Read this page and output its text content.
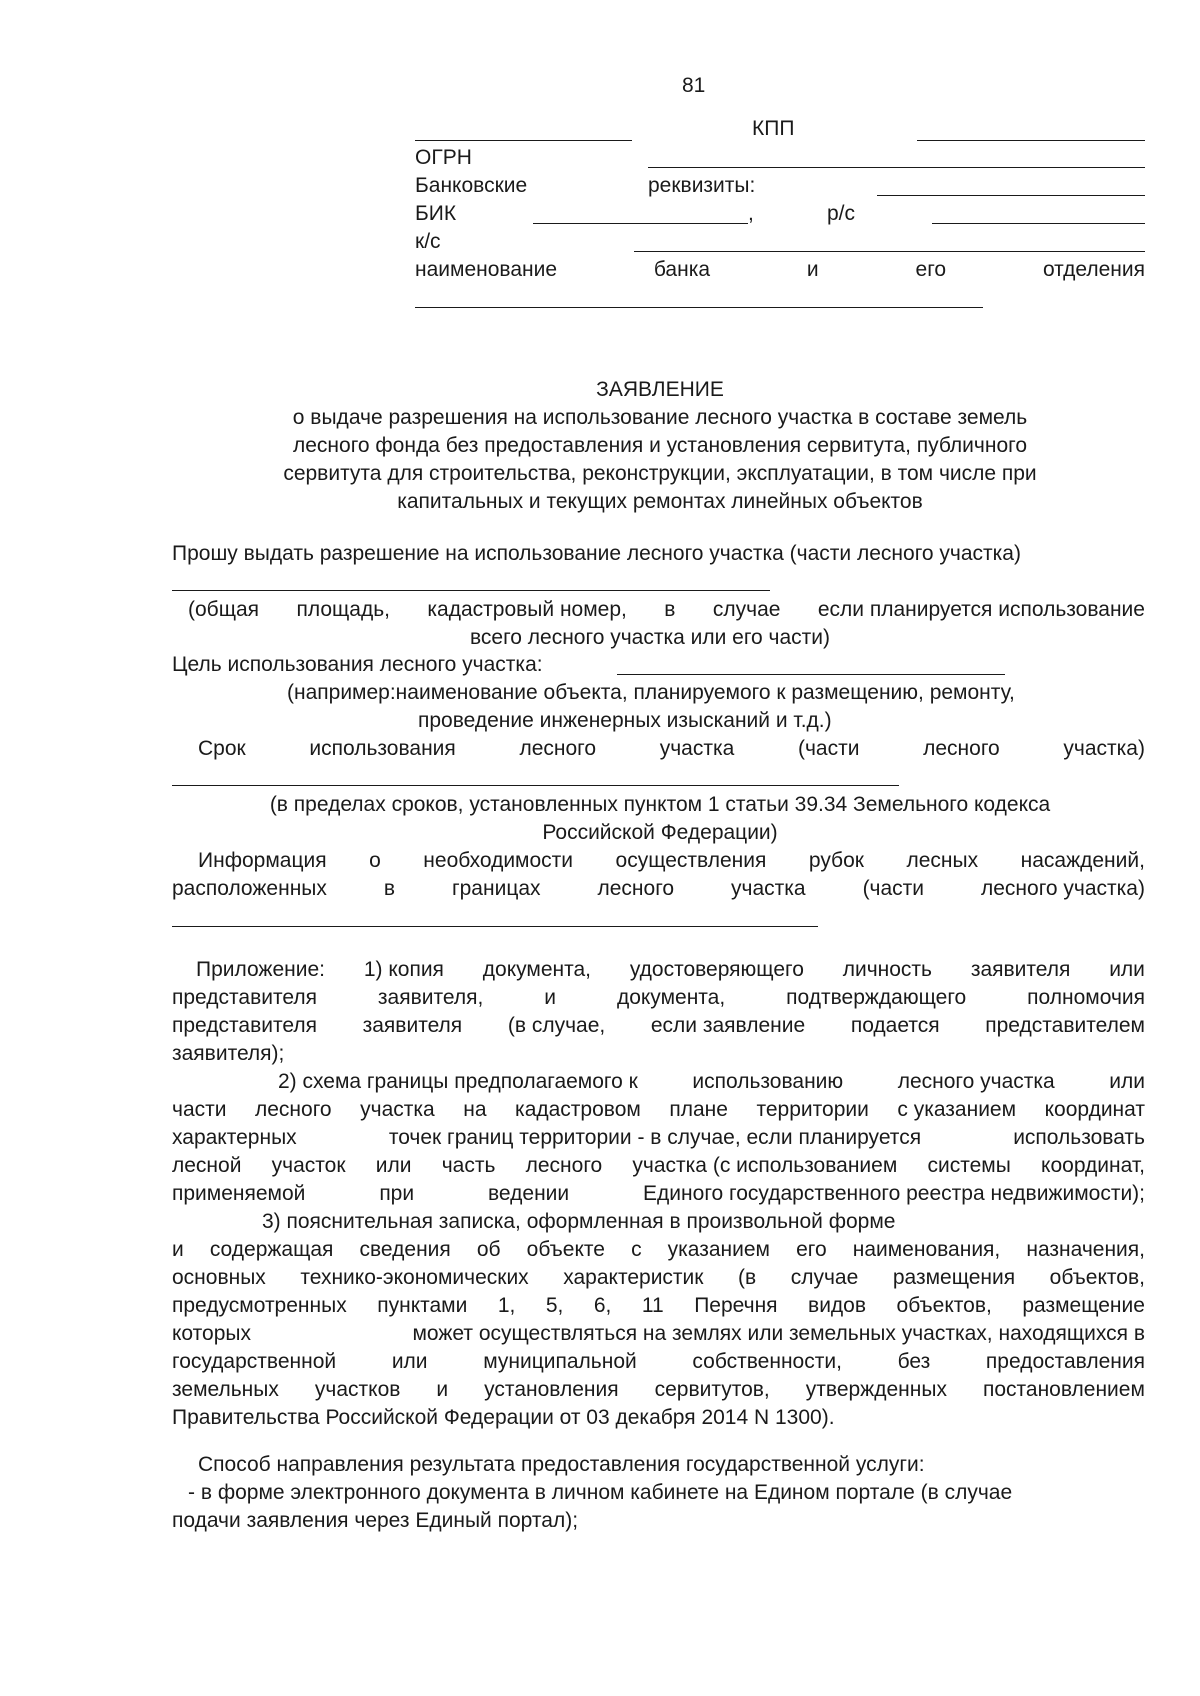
81
КПП
ОГРН
Банковские	реквизиты:
БИК	,	р/с
к/с
наименование	банка	и	его	отделения
ЗАЯВЛЕНИЕ
о выдаче разрешения на использование лесного участка в составе земель
лесного фонда без предоставления и установления сервитута, публичного
сервитута для строительства, реконструкции, эксплуатации, в том числе при
капитальных и текущих ремонтах линейных объектов
Прошу выдать разрешение на использование лесного участка (части лесного участка)
(общая площадь, кадастровый номер, в случае если планируется использование
всего лесного участка или его части)
Цель использования лесного участка:
(например:наименование объекта, планируемого к размещению, ремонту,
проведение инженерных изысканий и т.д.)
Срок	использования	лесного	участка	(части	лесного	участка)
(в пределах сроков, установленных пунктом 1 статьи 39.34 Земельного кодекса
Российской Федерации)
Информация о необходимости осуществления рубок лесных насаждений,
расположенных	в	границах	лесного	участка	(части	лесного участка)
Приложение: 1) копия документа, удостоверяющего личность заявителя или
представителя	заявителя,	и	документа,	подтверждающего	полномочия
представителя заявителя (в случае, если заявление подается представителем
заявителя);
2) схема границы предполагаемого к	использованию	лесного участка	или
части лесного участка на кадастровом плане территории с указанием координат
характерных	точек границ территории - в случае, если планируется	использовать
лесной участок или часть лесного участка (с использованием системы координат,
применяемой	при	ведении	Единого государственного реестра недвижимости);
3) пояснительная записка, оформленная в произвольной форме
и содержащая сведения об объекте с указанием его наименования, назначения,
основных технико-экономических характеристик (в случае размещения объектов,
предусмотренных пунктами 1, 5, 6, 11 Перечня видов объектов, размещение
которых	может осуществляться на землях или земельных участках, находящихся в
государственной	или	муниципальной	собственности,	без	предоставления
земельных участков и установления сервитутов, утвержденных постановлением
Правительства Российской Федерации от 03 декабря 2014 N 1300).
Способ направления результата предоставления государственной услуги:
- в форме электронного документа в личном кабинете на Едином портале (в случае
подачи заявления через Единый портал);
